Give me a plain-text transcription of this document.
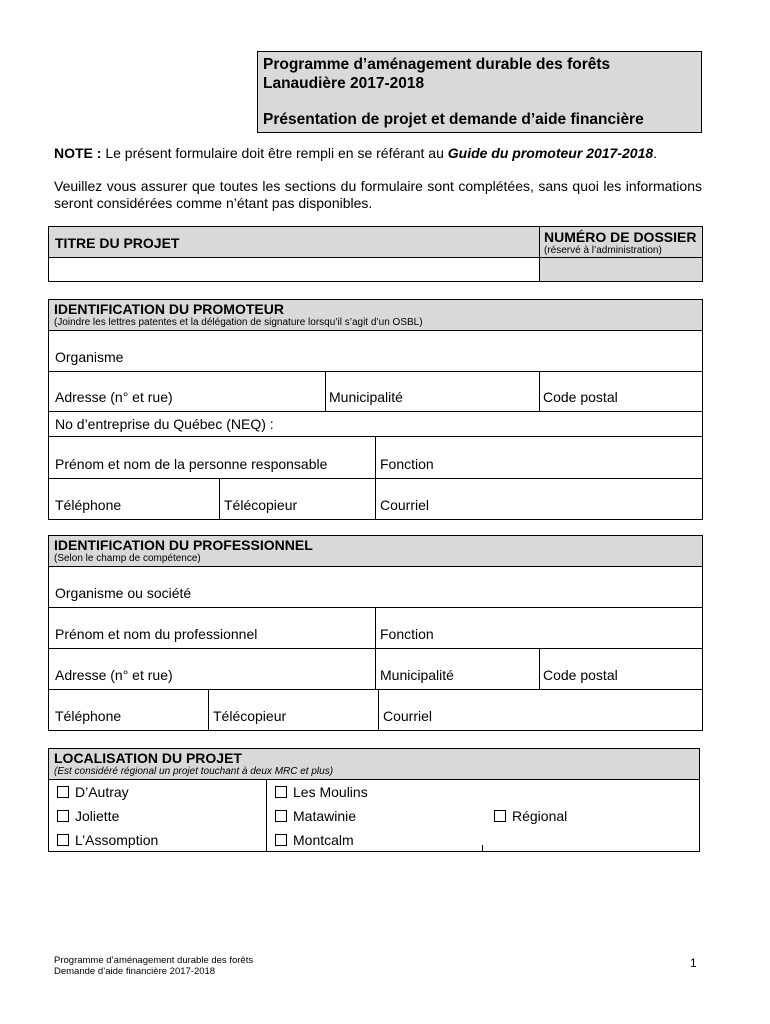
Programme d’aménagement durable des forêts
Lanaudière 2017-2018
Présentation de projet et demande d’aide financière
NOTE : Le présent formulaire doit être rempli en se référant au Guide du promoteur 2017-2018.
Veuillez vous assurer que toutes les sections du formulaire sont complétées, sans quoi les informations seront considérées comme n’étant pas disponibles.
TITRE DU PROJET	NUMÉRO DE DOSSIER
(réservé à l’administration)
IDENTIFICATION DU PROMOTEUR
(Joindre les lettres patentes et la délégation de signature lorsqu’il s’agit d’un OSBL)
Organisme
Adresse (n° et rue)	Municipalité	Code postal
No d’entreprise du Québec (NEQ) :
Prénom et nom de la personne responsable	Fonction
Téléphone	Télécopieur	Courriel
IDENTIFICATION DU PROFESSIONNEL
(Selon le champ de compétence)
Organisme ou société
Prénom et nom du professionnel	Fonction
Adresse (n° et rue)	Municipalité	Code postal
Téléphone	Télécopieur	Courriel
LOCALISATION DU PROJET
(Est considéré régional un projet touchant à deux MRC et plus)
D’Autray
Joliette
L’Assomption
Les Moulins
Matawinie
Montcalm
Régional
Programme d’aménagement durable des forêts
Demande d’aide financière 2017-2018
1
